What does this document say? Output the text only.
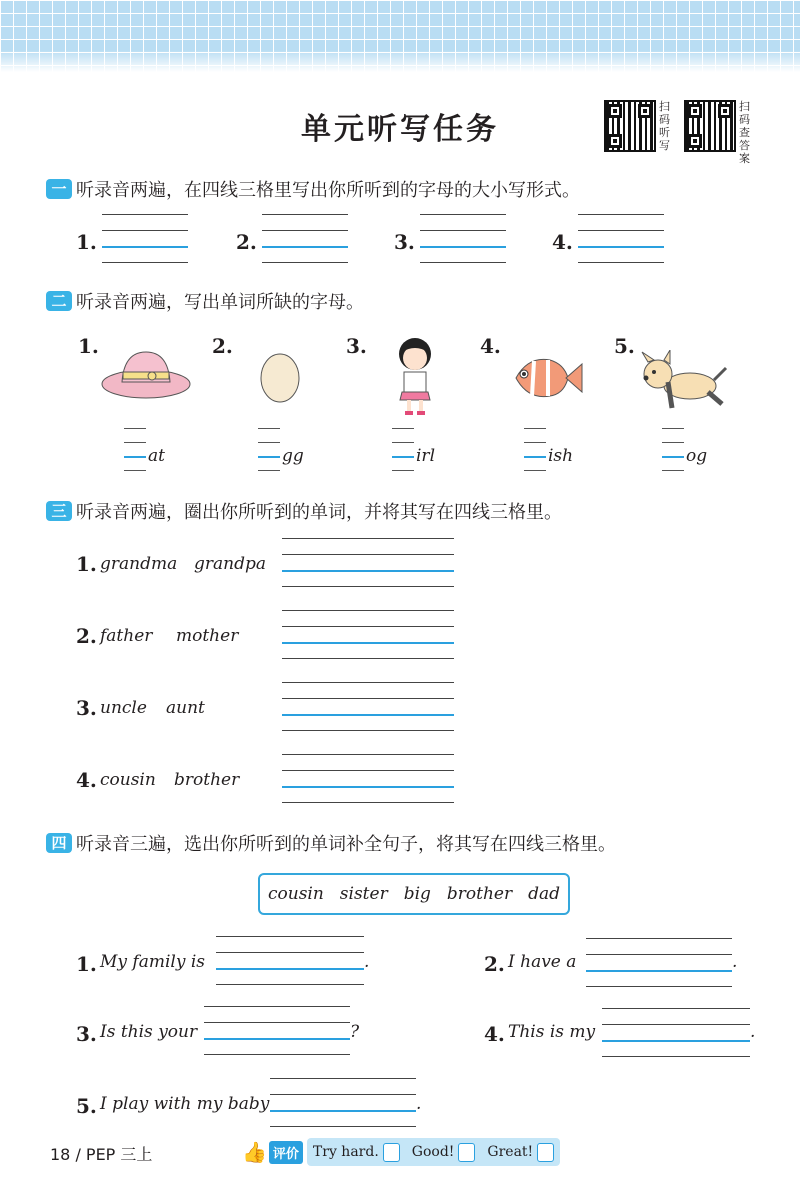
单元听写任务
扫码听写
扫码查答案
一 听录音两遍，在四线三格里写出你所听到的字母的大小写形式。
1.	2.	3.	4.
二 听录音两遍，写出单词所缺的字母。
1.
at
2.
gg
3.
irl
4.
ish
5.
og
三 听录音两遍，圈出你所听到的单词，并将其写在四线三格里。
1. grandma grandpa
2. father mother
3. uncle aunt
4. cousin brother
四 听录音三遍，选出你所听到的单词补全句子，将其写在四线三格里。
cousin sister big brother dad
1. My family is	.	2. I have a	.
3. Is this your	?	4. This is my	.
5. I play with my baby	.
18 / PEP 三上	👍 评价 Try hard. Good! Great!
